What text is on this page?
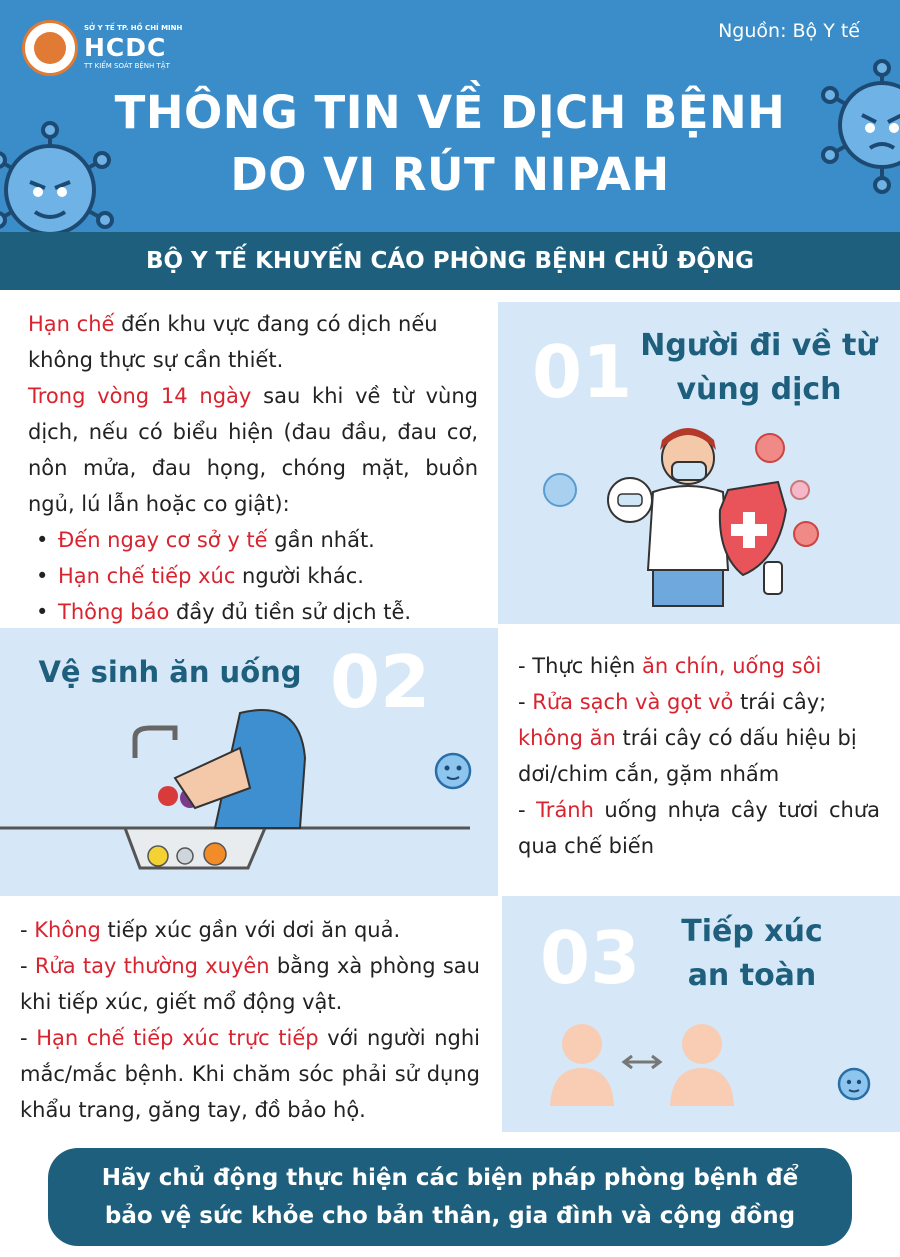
SỞ Y TẾ TP. HỒ CHÍ MINH
HCDC
TT KIỂM SOÁT BỆNH TẬT
Nguồn: Bộ Y tế
THÔNG TIN VỀ DỊCH BỆNH
DO VI RÚT NIPAH
BỘ Y TẾ KHUYẾN CÁO PHÒNG BỆNH CHỦ ĐỘNG

Hạn chế đến khu vực đang có dịch nếu không thực sự cần thiết.

Trong vòng 14 ngày sau khi về từ vùng dịch, nếu có biểu hiện (đau đầu, đau cơ, nôn mửa, đau họng, chóng mặt, buồn ngủ, lú lẫn hoặc co giật):

• Đến ngay cơ sở y tế gần nhất.
• Hạn chế tiếp xúc người khác.
• Thông báo đầy đủ tiền sử dịch tễ.
01 Người đi về từ
vùng dịch
Vệ sinh ăn uống 02	- Thực hiện ăn chín, uống sôi
- Rửa sạch và gọt vỏ trái cây;
không ăn trái cây có dấu hiệu bị dơi/chim cắn, gặm nhấm
- Tránh uống nhựa cây tươi chưa qua chế biến
- Không tiếp xúc gần với dơi ăn quả.
- Rửa tay thường xuyên bằng xà phòng sau khi tiếp xúc, giết mổ động vật.
- Hạn chế tiếp xúc trực tiếp với người nghi mắc/mắc bệnh. Khi chăm sóc phải sử dụng khẩu trang, găng tay, đồ bảo hộ.
03	Tiếp xúc
an toàn
Hãy chủ động thực hiện các biện pháp phòng bệnh để
bảo vệ sức khỏe cho bản thân, gia đình và cộng đồng
